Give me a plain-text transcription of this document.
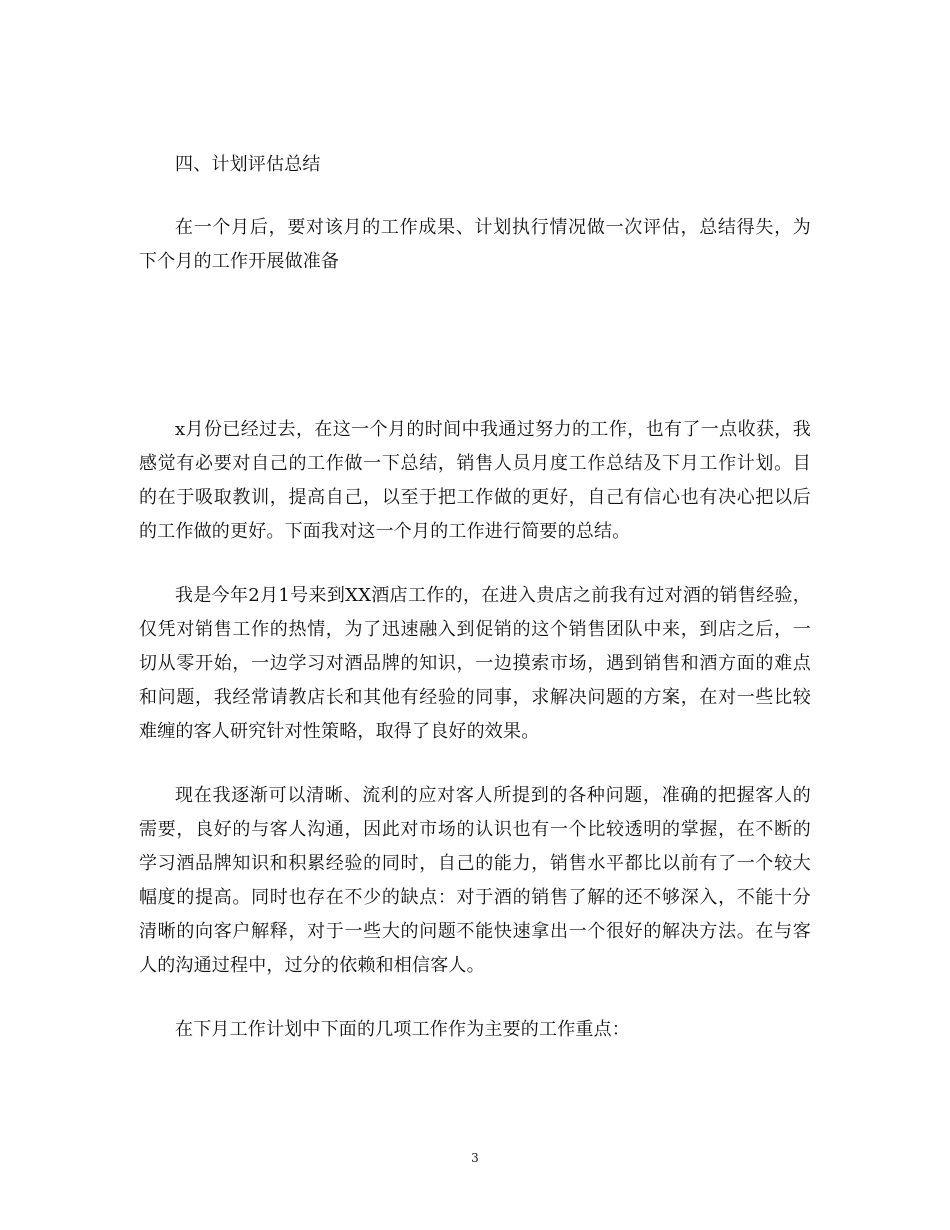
四、计划评估总结

在一个月后，要对该月的工作成果、计划执行情况做一次评估，总结得失，为下个月的工作开展做准备

x月份已经过去，在这一个月的时间中我通过努力的工作，也有了一点收获，我感觉有必要对自己的工作做一下总结，销售人员月度工作总结及下月工作计划。目的在于吸取教训，提高自己，以至于把工作做的更好，自己有信心也有决心把以后的工作做的更好。下面我对这一个月的工作进行简要的总结。

我是今年2月1号来到XX酒店工作的，在进入贵店之前我有过对酒的销售经验，仅凭对销售工作的热情，为了迅速融入到促销的这个销售团队中来，到店之后，一切从零开始，一边学习对酒品牌的知识，一边摸索市场，遇到销售和酒方面的难点和问题，我经常请教店长和其他有经验的同事，求解决问题的方案，在对一些比较难缠的客人研究针对性策略，取得了良好的效果。

现在我逐渐可以清晰、流利的应对客人所提到的各种问题，准确的把握客人的需要，良好的与客人沟通，因此对市场的认识也有一个比较透明的掌握，在不断的学习酒品牌知识和积累经验的同时，自己的能力，销售水平都比以前有了一个较大幅度的提高。同时也存在不少的缺点：对于酒的销售了解的还不够深入，不能十分清晰的向客户解释，对于一些大的问题不能快速拿出一个很好的解决方法。在与客人的沟通过程中，过分的依赖和相信客人。

在下月工作计划中下面的几项工作作为主要的工作重点：

3
